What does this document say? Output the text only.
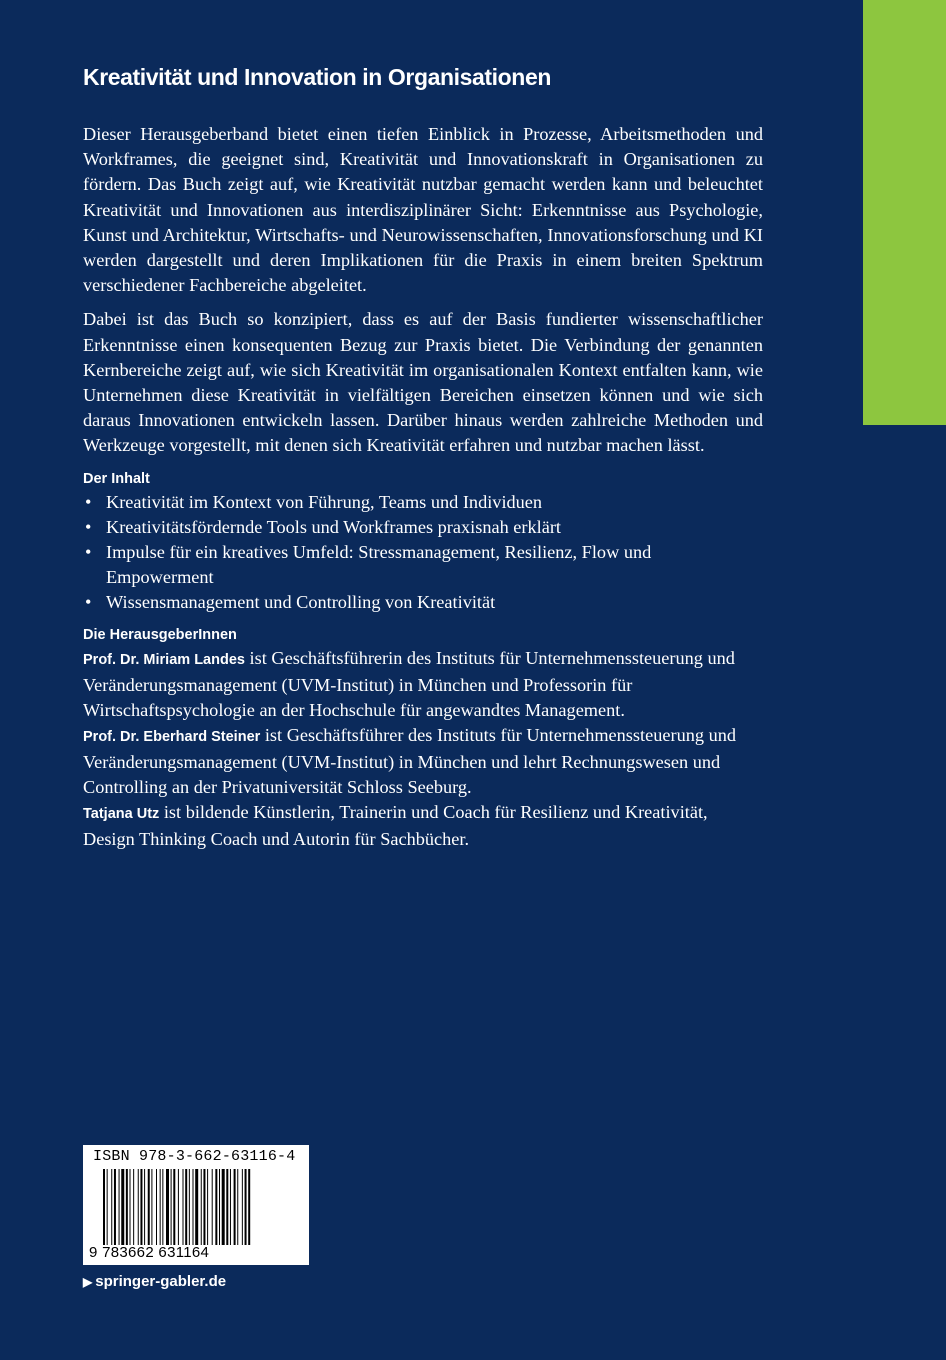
Kreativität und Innovation in Organisationen

Dieser Herausgeberband bietet einen tiefen Einblick in Prozesse, Arbeitsmethoden und Workframes, die geeignet sind, Kreativität und Innovationskraft in Organisationen zu fördern. Das Buch zeigt auf, wie Kreativität nutzbar gemacht werden kann und beleuchtet Kreativität und Innovationen aus interdisziplinärer Sicht: Erkenntnisse aus Psychologie, Kunst und Architektur, Wirtschafts- und Neurowissenschaften, Innovationsforschung und KI werden dargestellt und deren Implikationen für die Praxis in einem breiten Spektrum verschiedener Fachbereiche abgeleitet.

Dabei ist das Buch so konzipiert, dass es auf der Basis fundierter wissenschaftlicher Erkenntnisse einen konsequenten Bezug zur Praxis bietet. Die Verbindung der genannten Kernbereiche zeigt auf, wie sich Kreativität im organisationalen Kontext entfalten kann, wie Unternehmen diese Kreativität in vielfältigen Bereichen einsetzen können und wie sich daraus Innovationen entwickeln lassen. Darüber hinaus werden zahlreiche Methoden und Werkzeuge vorgestellt, mit denen sich Kreativität erfahren und nutzbar machen lässt.

Der Inhalt
• Kreativität im Kontext von Führung, Teams und Individuen
• Kreativitätsfördernde Tools und Workframes praxisnah erklärt
• Impulse für ein kreatives Umfeld: Stressmanagement, Resilienz, Flow und Empowerment
• Wissensmanagement und Controlling von Kreativität
Die HerausgeberInnen

Prof. Dr. Miriam Landes ist Geschäftsführerin des Instituts für Unternehmenssteuerung und Veränderungsmanagement (UVM-Institut) in München und Professorin für Wirtschaftspsychologie an der Hochschule für angewandtes Management.

Prof. Dr. Eberhard Steiner ist Geschäftsführer des Instituts für Unternehmenssteuerung und Veränderungsmanagement (UVM-Institut) in München und lehrt Rechnungswesen und Controlling an der Privatuniversität Schloss Seeburg.

Tatjana Utz ist bildende Künstlerin, Trainerin und Coach für Resilienz und Kreativität, Design Thinking Coach und Autorin für Sachbücher.

ISBN 978-3-662-63116-4
9 783662 631164
▶ springer-gabler.de
